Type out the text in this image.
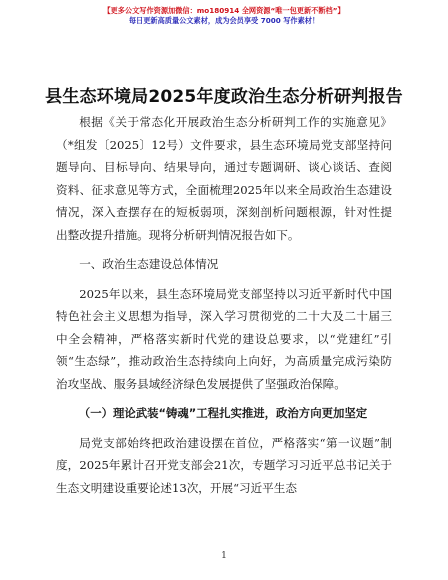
【更多公文写作资源加微信：mo180914 全网资源“唯一包更新不断档”】
每日更新高质量公文素材，成为会员享受 7000 写作素材！
县生态环境局2025年度政治生态分析研判报告

根据《关于常态化开展政治生态分析研判工作的实施意见》（*组发〔2025〕12号）文件要求，县生态环境局党支部坚持问题导向、目标导向、结果导向，通过专题调研、谈心谈话、查阅资料、征求意见等方式，全面梳理2025年以来全局政治生态建设情况，深入查摆存在的短板弱项，深刻剖析问题根源，针对性提出整改提升措施。现将分析研判情况报告如下。

一、政治生态建设总体情况

2025年以来，县生态环境局党支部坚持以习近平新时代中国特色社会主义思想为指导，深入学习贯彻党的二十大及二十届三中全会精神，严格落实新时代党的建设总要求，以“党建红”引领“生态绿”，推动政治生态持续向上向好，为高质量完成污染防治攻坚战、服务县域经济绿色发展提供了坚强政治保障。

（一）理论武装“铸魂”工程扎实推进，政治方向更加坚定

局党支部始终把政治建设摆在首位，严格落实“第一议题”制度，2025年累计召开党支部会21次，专题学习习近平总书记关于生态文明建设重要论述13次，开展“习近平生态

1
